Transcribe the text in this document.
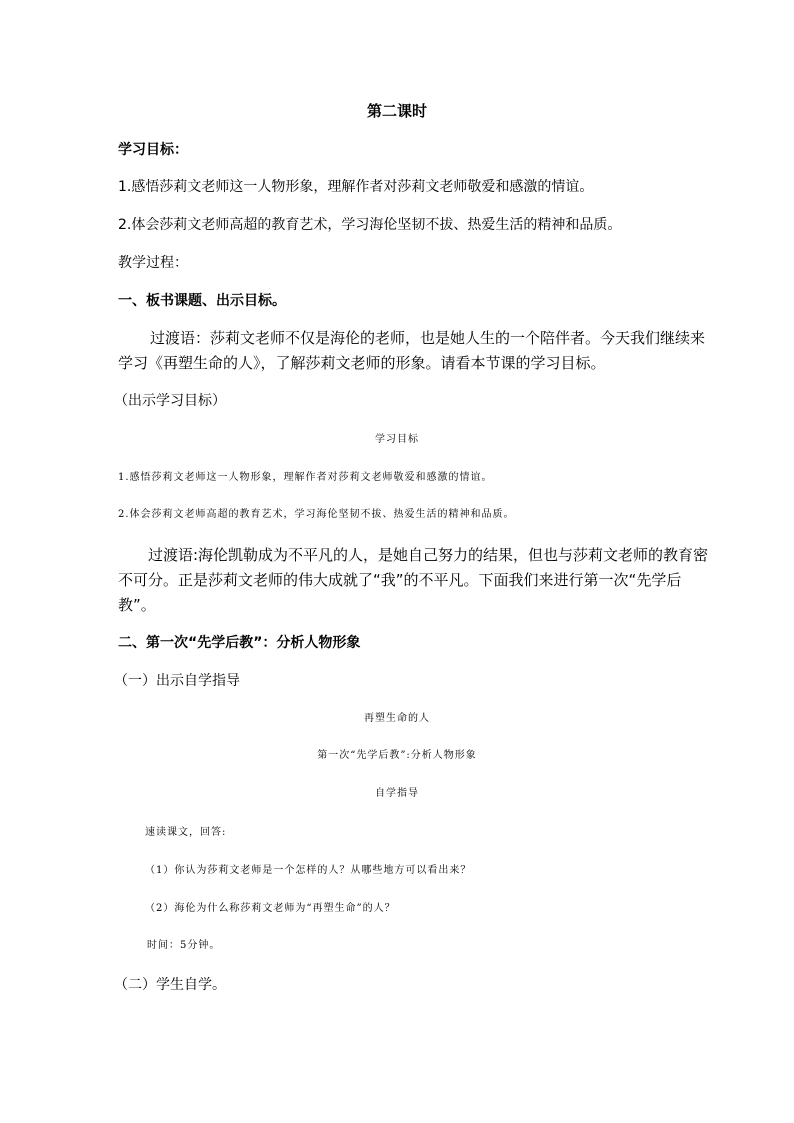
第二课时
学习目标：
1.感悟莎莉文老师这一人物形象，理解作者对莎莉文老师敬爱和感激的情谊。
2.体会莎莉文老师高超的教育艺术，学习海伦坚韧不拔、热爱生活的精神和品质。
教学过程：
一、板书课题、出示目标。
过渡语：莎莉文老师不仅是海伦的老师，也是她人生的一个陪伴者。今天我们继续来
学习《再塑生命的人》，了解莎莉文老师的形象。请看本节课的学习目标。
（出示学习目标）
学习目标
1.感悟莎莉文老师这一人物形象，理解作者对莎莉文老师敬爱和感激的情谊。
2.体会莎莉文老师高超的教育艺术，学习海伦坚韧不拔、热爱生活的精神和品质。
过渡语:海伦凯勒成为不平凡的人，是她自己努力的结果，但也与莎莉文老师的教育密
不可分。正是莎莉文老师的伟大成就了“我”的不平凡。下面我们来进行第一次“先学后
教”。
二、第一次“先学后教”：分析人物形象
（一）出示自学指导
再塑生命的人
第一次“先学后教”:分析人物形象
自学指导
速读课文，回答:
（1）你认为莎莉文老师是一个怎样的人？从哪些地方可以看出来？
（2）海伦为什么称莎莉文老师为“再塑生命”的人？
时间：5分钟。
（二）学生自学。
